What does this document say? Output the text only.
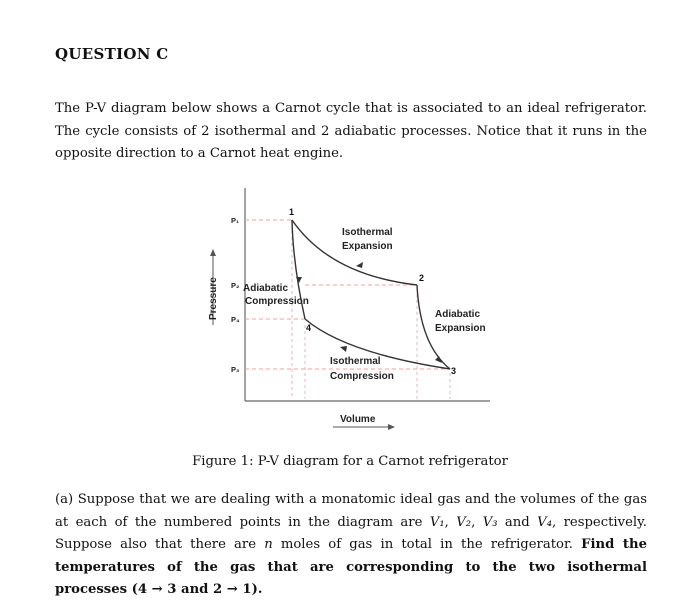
QUESTION C

The P-V diagram below shows a Carnot cycle that is associated to an ideal refrigerator. The cycle consists of 2 isothermal and 2 adiabatic processes. Notice that it runs in the opposite direction to a Carnot heat engine.

Pressure
Volume
P₁
P₂
P₄
P₃
1
2
3
4
Isothermal
Expansion
Adiabatic
Expansion
Adiabatic
Compression
Isothermal
Compression
Figure 1: P-V diagram for a Carnot refrigerator

(a) Suppose that we are dealing with a monatomic ideal gas and the volumes of the gas at each of the numbered points in the diagram are V₁, V₂, V₃ and V₄, respectively. Suppose also that there are n moles of gas in total in the refrigerator. Find the temperatures of the gas that are corresponding to the two isothermal processes (4 → 3 and 2 → 1).
